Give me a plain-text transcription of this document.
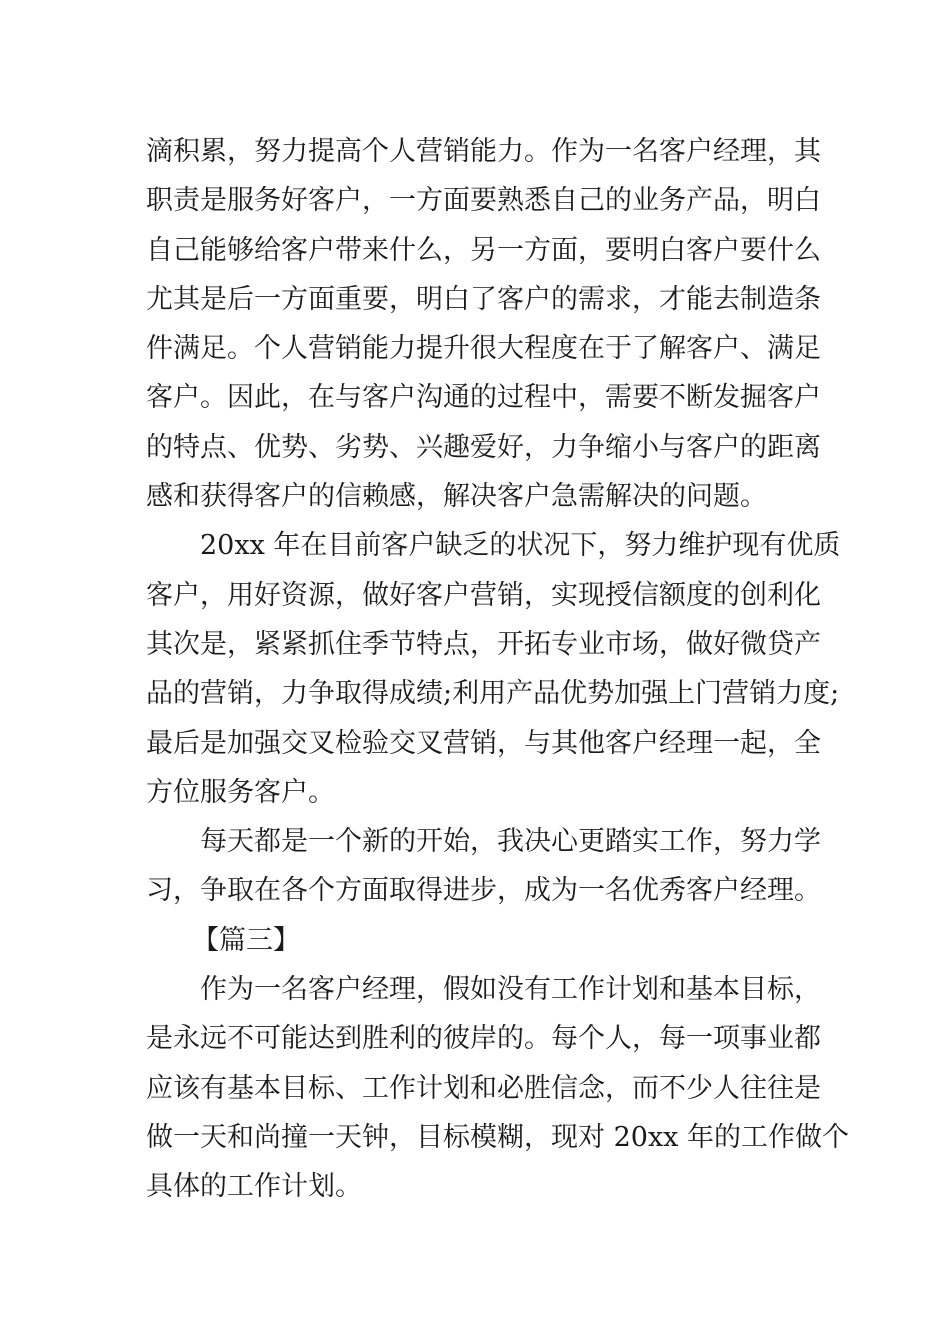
滴积累，努力提高个人营销能力。作为一名客户经理，其
职责是服务好客户，一方面要熟悉自己的业务产品，明白
自己能够给客户带来什么，另一方面，要明白客户要什么
尤其是后一方面重要，明白了客户的需求，才能去制造条
件满足。个人营销能力提升很大程度在于了解客户、满足
客户。因此，在与客户沟通的过程中，需要不断发掘客户
的特点、优势、劣势、兴趣爱好，力争缩小与客户的距离
感和获得客户的信赖感，解决客户急需解决的问题。
20xx 年在目前客户缺乏的状况下，努力维护现有优质
客户，用好资源，做好客户营销，实现授信额度的创利化
其次是，紧紧抓住季节特点，开拓专业市场，做好微贷产
品的营销，力争取得成绩;利用产品优势加强上门营销力度;
最后是加强交叉检验交叉营销，与其他客户经理一起，全
方位服务客户。
每天都是一个新的开始，我决心更踏实工作，努力学
习，争取在各个方面取得进步，成为一名优秀客户经理。
【篇三】
作为一名客户经理，假如没有工作计划和基本目标，
是永远不可能达到胜利的彼岸的。每个人，每一项事业都
应该有基本目标、工作计划和必胜信念，而不少人往往是
做一天和尚撞一天钟，目标模糊，现对 20xx 年的工作做个
具体的工作计划。
